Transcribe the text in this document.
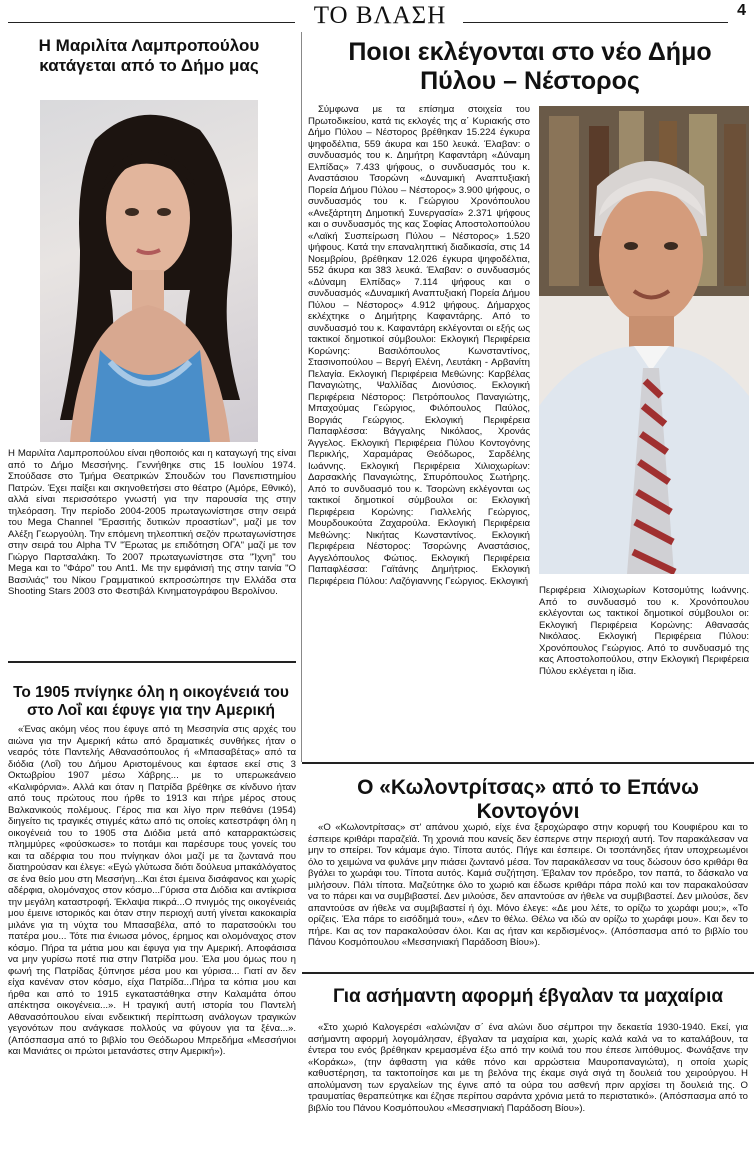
ΤΟ ΒΛΑΣΗ	4
Η Μαριλίτα Λαμπροπούλου κατάγεται από το Δήμο μας

Η Μαριλίτα Λαμπροπούλου είναι ηθοποιός και η καταγωγή της είναι από το Δήμο Μεσσήνης. Γεννήθηκε στις 15 Ιουλίου 1974. Σπούδασε στο Τμήμα Θεατρικών Σπουδών του Πανεπιστημίου Πατρών. Έχει παίξει και σκηνοθετήσει στο θέατρο (Αμόρε, Εθνικό), αλλά είναι περισσότερο γνωστή για την παρουσία της στην τηλεόραση. Την περίοδο 2004-2005 πρωταγωνίστησε στην σειρά του Mega Channel "Ερασιτής δυτικών προαστίων", μαζί με τον Αλέξη Γεωργούλη. Την επόμενη τηλεοπτική σεζόν πρωταγωνίστησε στην σειρά του Alpha TV "Έρωτας με επιδότηση ΟΓΑ" μαζί με τον Γιώργο Παρτσαλάκη. Το 2007 πρωταγωνίστησε στα "Ίχνη" του Mega και το "Φάρο" του Ant1. Με την εμφάνισή της στην ταινία "Ο Βασιλιάς" του Νίκου Γραμματικού εκπροσώπησε την Ελλάδα στα Shooting Stars 2003 στο Φεστιβάλ Κινηματογράφου Βερολίνου.

Το 1905 πνίγηκε όλη η οικογένειά του στο Λοΐ και έφυγε για την Αμερική

«Ένας ακόμη νέος που έφυγε από τη Μεσσηνία στις αρχές του αιώνα για την Αμερική κάτω από δραματικές συνθήκες ήταν ο νεαρός τότε Παντελής Αθανασόπουλος ή «Μπασαβέτας» από τα διόδια (Λοΐ) του Δήμου Αριστομένους και έφτασε εκεί στις 3 Οκτωβρίου 1907 μέσω Χάβρης... με το υπερωκεάνειο «Καλιφόρνια». Αλλά και όταν η Πατρίδα βρέθηκε σε κίνδυνο ήταν από τους πρώτους που ήρθε το 1913 και πήρε μέρος στους Βαλκανικούς πολέμους. Γέρος πια και λίγο πριν πεθάνει (1954) διηγείτο τις τραγικές στιγμές κάτω από τις οποίες κατεστράφη όλη η οικογένειά του το 1905 στα Διόδια μετά από καταρρακτώσεις πλημμύρες «φούσκωσε» το ποτάμι και παρέσυρε τους γονείς του και τα αδέρφια του που πνίγηκαν όλοι μαζί με τα ζωντανά που διατηρούσαν και έλεγε: «Εγώ γλύτωσα διότι δούλευα μπακάλόγατος σε ένα θείο μου στη Μεσσήνη...Και έτσι έμεινα δισάφανος και χωρίς αδέρφια, ολομόναχος στον κόσμο...Γύρισα στα Διόδια και αντίκρισα την μεγάλη καταστροφή. Έκλαψα πικρά...Ο πνιγμός της οικογένειάς μου έμεινε ιστορικός και όταν στην περιοχή αυτή γίνεται κακοκαιρία μιλάνε για τη νύχτα του Μπασαβέλα, από το παρατσούκλι του πατέρα μου... Τότε πια ένιωσα μόνος, έρημος και ολομόναχος στον κόσμο. Πήρα τα μάτια μου και έφυγα για την Αμερική. Αποφάσισα να μην γυρίσω ποτέ πια στην Πατρίδα μου. Έλα μου όμως που η φωνή της Πατρίδας ξύπνησε μέσα μου και γύρισα... Γιατί αν δεν είχα κανέναν στον κόσμο, είχα Πατρίδα...Πήρα τα κόπια μου και ήρθα και από το 1915 εγκαταστάθηκα στην Καλαμάτα όπου απέκτησα οικογένεια...». Η τραγική αυτή ιστορία του Παντελή Αθανασόπουλου είναι ενδεικτική περίπτωση ανάλογων τραγικών γεγονότων που ανάγκασε πολλούς να φύγουν για τα ξένα...». (Απόσπασμα από το βιβλίο του Θεόδωρου Μπρεδήμα «Μεσσήνιοι και Μανιάτες οι πρώτοι μετανάστες στην Αμερική»).

Ποιοι εκλέγονται στο νέο Δήμο Πύλου – Νέστορος

Σύμφωνα με τα επίσημα στοιχεία του Πρωτοδικείου, κατά τις εκλογές της α΄ Κυριακής στο Δήμο Πύλου – Νέστορος βρέθηκαν 15.224 έγκυρα ψηφοδέλτια, 559 άκυρα και 150 λευκά. Έλαβαν: ο συνδυασμός του κ. Δημήτρη Καφαντάρη «Δύναμη Ελπίδας» 7.433 ψήφους, ο συνδυασμός του κ. Αναστάσιου Τσορώνη «Δυναμική Αναπτυξιακή Πορεία Δήμου Πύλου – Νέστορος» 3.900 ψήφους, ο συνδυασμός του κ. Γεώργιου Χρονόπουλου «Ανεξάρτητη Δημοτική Συνεργασία» 2.371 ψήφους και ο συνδυασμός της κας Σοφίας Αποστολοπούλου «Λαϊκή Συσπείρωση Πύλου – Νέστορος» 1.520 ψήφους. Κατά την επαναληπτική διαδικασία, στις 14 Νοεμβρίου, βρέθηκαν 12.026 έγκυρα ψηφοδέλτια, 552 άκυρα και 383 λευκά. Έλαβαν: ο συνδυασμός «Δύναμη Ελπίδας» 7.114 ψήφους και ο συνδυασμός «Δυναμική Αναπτυξιακή Πορεία Δήμου Πύλου – Νέστορος» 4.912 ψήφους. Δήμαρχος εκλέχτηκε ο Δημήτρης Καφαντάρης. Από το συνδυασμό του κ. Καφαντάρη εκλέγονται οι εξής ως τακτικοί δημοτικοί σύμβουλοι: Εκλογική Περιφέρεια Κορώνης: Βασιλόπουλος Κωνσταντίνος, Στασινοπούλου – Βεργή Ελένη, Λευτάκη - Αρβανίτη Πελαγία. Εκλογική Περιφέρεια Μεθώνης: Καρβέλας Παναγιώτης, Ψαλλίδας Διονύσιος. Εκλογική Περιφέρεια Νέστορος: Πετρόπουλος Παναγιώτης, Μπαχούμας Γεώργιος, Φιλόπουλος Παύλος, Βοργιάς Γεώργιος. Εκλογική Περιφέρεια Παπαφλέσσα: Βάγγαλης Νικόλαος, Χρονάς Άγγελος. Εκλογική Περιφέρεια Πύλου Κοντογόνης Περικλής, Χαραμάρας Θεόδωρος, Σαρδέλης Ιωάννης. Εκλογική Περιφέρεια Χιλιοχωρίων: Δαρσακλής Παναγιώτης, Σπυρόπουλος Σωτήρης. Από το συνδυασμό του κ. Τσορώνη εκλέγονται ως τακτικοί δημοτικοί σύμβουλοι οι: Εκλογική Περιφέρεια Κορώνης: Γιαλλελής Γεώργιος, Μουρδουκούτα Ζαχαρούλα. Εκλογική Περιφέρεια Μεθώνης: Νικήτας Κωνσταντίνος. Εκλογική Περιφέρεια Νέστορος: Τσορώνης Αναστάσιος, Αγγελόπουλος Φώτιος. Εκλογική Περιφέρεια Παπαφλέσσα: Γαϊτάνης Δημήτριος. Εκλογική Περιφέρεια Πύλου: Λαζόγιαννης Γεώργιος. Εκλογική

Περιφέρεια Χιλιοχωρίων Κοτσομύτης Ιωάννης. Από το συνδυασμό του κ. Χρονόπουλου εκλέγονται ως τακτικοί δημοτικοί σύμβουλοι οι: Εκλογική Περιφέρεια Κορώνης: Αθανασάς Νικόλαος. Εκλογική Περιφέρεια Πύλου: Χρονόπουλος Γεώργιος. Από το συνδυασμό της κας Αποστολοπούλου, στην Εκλογική Περιφέρεια Πύλου εκλέγεται η ίδια.

Ο «Κωλοντρίτσας» από το Επάνω Κοντογόνι

«Ο «Κωλοντρίτσας» στ' απάνου χωριό, είχε ένα ξεροχώραφο στην κορυφή του Κουφιέρου και το έσπειρε κριθάρι παραζεϊά. Τη χρονιά που κανείς δεν έσπερνε στην περιοχή αυτή. Τον παρακάλεσαν να μην το σπείρει. Τον κάμαμε άγιο. Τίποτα αυτός. Πήγε και έσπειρε. Οι τσοπάνηδες ήταν υποχρεωμένοι όλο το χειμώνα να φυλάνε μην πιάσει ζωντανό μέσα. Τον παρακάλεσαν να τους δώσουν όσο κριθάρι θα βγάλει το χωράφι του. Τίποτα αυτός. Καμιά συζήτηση. Έβαλαν τον πρόεδρο, τον παπά, το δάσκαλο να μιλήσουν. Πάλι τίποτα. Μαζεύτηκε όλο το χωριό και έδωσε κριθάρι πάρα πολύ και τον παρακαλούσαν να το πάρει και να συμβιβαστεί. Δεν μιλούσε, δεν απαντούσε αν ήθελε να συμβιβαστεί. Δεν μιλούσε, δεν απαντούσε αν ήθελε να συμβιβαστεί ή όχι. Μόνο έλεγε: «Δε μου λέτε, το ορίζω το χωράφι μου;», «Το ορίζεις. Έλα πάρε το εισόδημά του», «Δεν το θέλω. Θέλω να ιδώ αν ορίζω το χωράφι μου». Και δεν το πήρε. Και ας τον παρακαλούσαν όλοι. Και ας ήταν και κερδισμένος». (Απόσπασμα από το βιβλίο του Πάνου Κοσμόπουλου «Μεσσηνιακή Παράδοση Βίου»).

Για ασήμαντη αφορμή έβγαλαν τα μαχαίρια

«Στο χωριό Καλογερέσι «αλώνιζαν σ΄ ένα αλώνι δυο σέμπροι την δεκαετία 1930-1940. Εκεί, για ασήμαντη αφορμή λογομάλησαν, έβγαλαν τα μαχαίρια και, χωρίς καλά καλά να το καταλάβουν, τα έντερα του ενός βρέθηκαν κρεμασμένα έξω από την κοιλιά του που έπεσε λιπόθυμος. Φωνάξανε την «Κοράκω», (την άφθαστη για κάθε πόνο και αρρώστεια Μαυροπαναγιώτα), η οποία χωρίς καθυστέρηση, τα τακτοποίησε και με τη βελόνα της έκαμε σιγά σιγά τη δουλειά του χειρούργου. Η απολύμανση των εργαλείων της έγινε από τα ούρα του ασθενή πριν αρχίσει τη δουλειά της. Ο τραυματίας θεραπεύτηκε και έζησε περίπου σαράντα χρόνια μετά το περιστατικό». (Απόσπασμα από το βιβλίο του Πάνου Κοσμόπουλου «Μεσσηνιακή Παράδοση Βίου»).
